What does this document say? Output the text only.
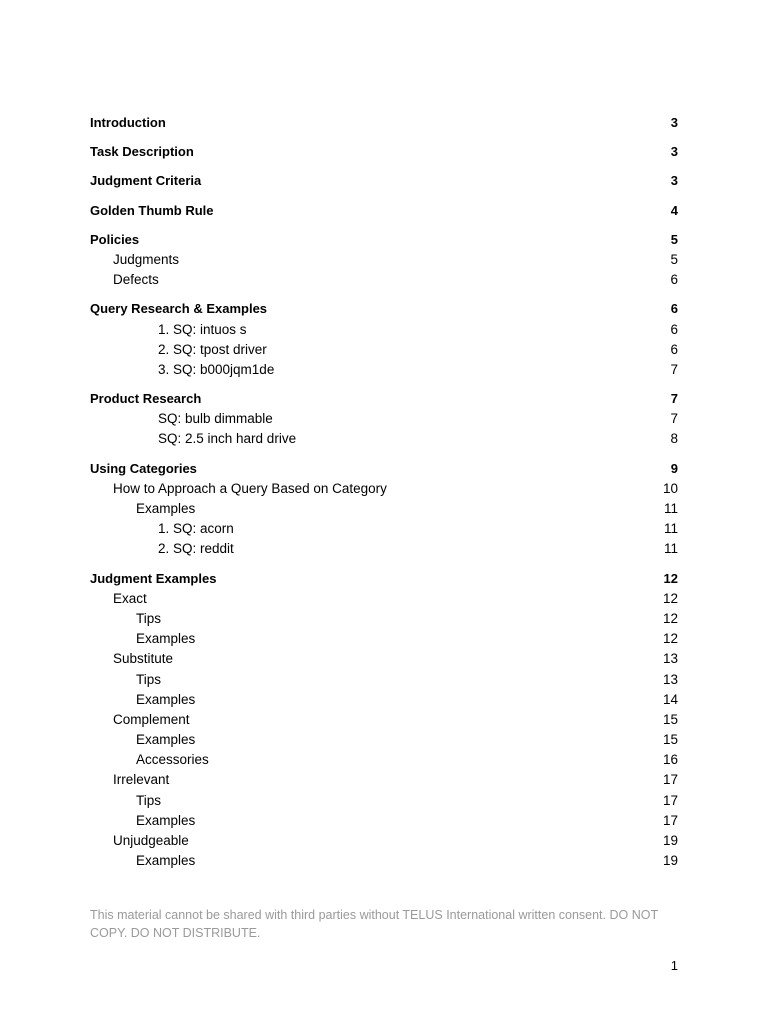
Introduction	3
Task Description	3
Judgment Criteria	3
Golden Thumb Rule	4
Policies	5
Judgments	5
Defects	6
Query Research & Examples	6
1. SQ: intuos s	6
2. SQ: tpost driver	6
3. SQ: b000jqm1de	7
Product Research	7
SQ: bulb dimmable	7
SQ: 2.5 inch hard drive	8
Using Categories	9
How to Approach a Query Based on Category	10
Examples	11
1. SQ: acorn	11
2. SQ: reddit	11
Judgment Examples	12
Exact	12
Tips	12
Examples	12
Substitute	13
Tips	13
Examples	14
Complement	15
Examples	15
Accessories	16
Irrelevant	17
Tips	17
Examples	17
Unjudgeable	19
Examples	19
This material cannot be shared with third parties without TELUS International written consent. DO NOT COPY. DO NOT DISTRIBUTE.
1
